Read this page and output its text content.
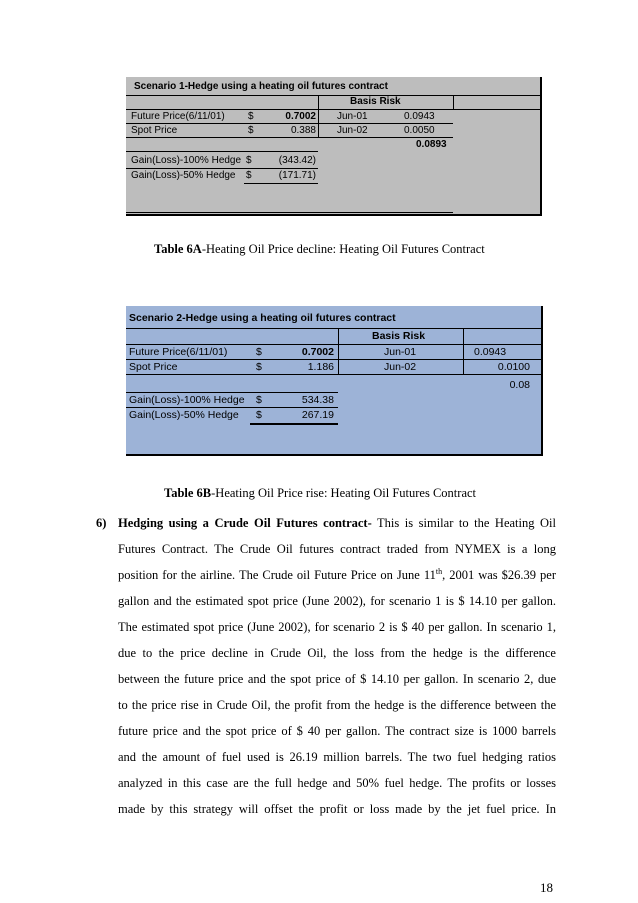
Scenario 1-Hedge using a heating oil futures contract
Basis Risk
Future Price(6/11/01) $	0.7002 Jun-01	0.0943
Spot Price	$	0.388 Jun-02	0.0050
0.0893
Gain(Loss)-100% Hedge $	(343.42)
Gain(Loss)-50% Hedge $	(171.71)
Table 6A-Heating Oil Price decline: Heating Oil Futures Contract
Scenario 2-Hedge using a heating oil futures contract
Basis Risk
Future Price(6/11/01)	$	0.7002	Jun-01	0.0943
Spot Price	$	1.186	Jun-02	0.0100
0.08
Gain(Loss)-100% Hedge $	534.38
Gain(Loss)-50% Hedge $	267.19
Table 6B-Heating Oil Price rise: Heating Oil Futures Contract
Hedging using a Crude Oil Futures contract- This is similar to the Heating Oil
6)
Futures Contract. The Crude Oil futures contract traded from NYMEX is a long
position for the airline. The Crude oil Future Price on June 11th, 2001 was $26.39 per
gallon and the estimated spot price (June 2002), for scenario 1 is $ 14.10 per gallon.
The estimated spot price (June 2002), for scenario 2 is $ 40 per gallon. In scenario 1,
due to the price decline in Crude Oil, the loss from the hedge is the difference
between the future price and the spot price of $ 14.10 per gallon. In scenario 2, due
to the price rise in Crude Oil, the profit from the hedge is the difference between the
future price and the spot price of $ 40 per gallon. The contract size is 1000 barrels
and the amount of fuel used is 26.19 million barrels. The two fuel hedging ratios
analyzed in this case are the full hedge and 50% fuel hedge. The profits or losses
made by this strategy will offset the profit or loss made by the jet fuel price. In
18
